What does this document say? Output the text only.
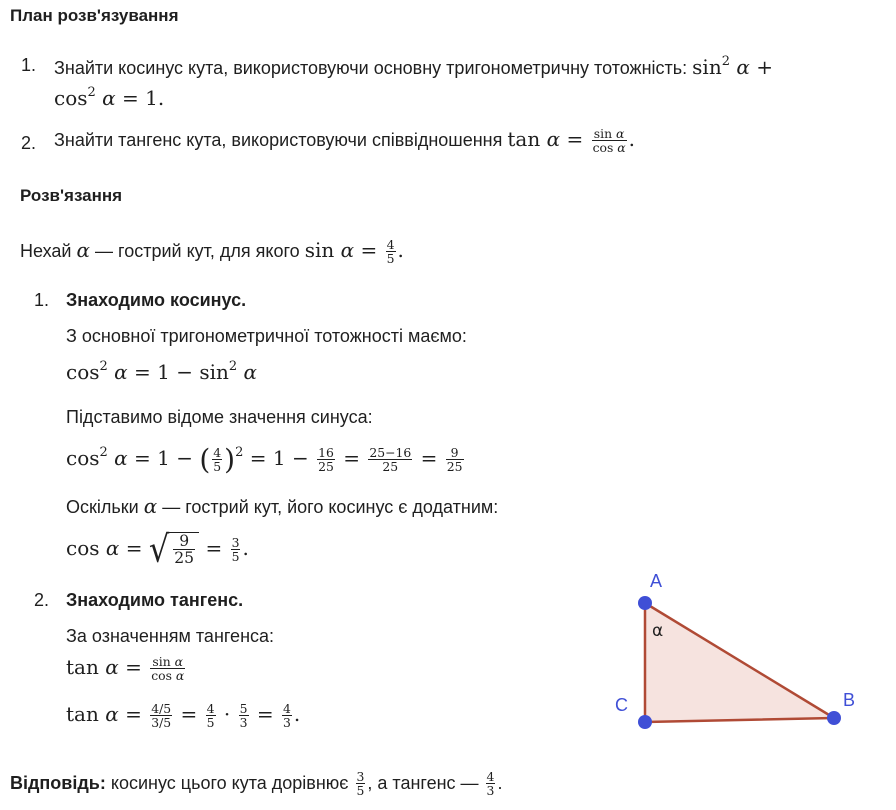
План розв'язування
1. Знайти косинус кута, використовуючи основну тригонометричну тотожність: $\sin^2 \alpha$ +
$\cos^2 \alpha = 1$.
2. Знайти тангенс кута, використовуючи співвідношення $\tan \alpha = \frac{\text{sin α}}{\text{cos α}}$ .
Розв'язання
Нехай α — гострий кут, для якого $\sin \alpha = \frac{4}{5}$ .
1. Знаходимо косинус.
З основної тригонометричної тотожності маємо:
$\cos^2 \alpha = 1 - \sin^2 \alpha$
Підставимо відоме значення синуса:
$\cos^2 \alpha = 1$ − ( $\frac{4}{5} )^2 = 1 - \frac{16}{25} = \frac{25-16}{25} = \frac{9}{25}$
Оскільки α — гострий кут, його косинус є додатним:
cos α = √ $\frac{9}{25} = \frac{3}{5}$ .
2. Знаходимо тангенс.
За означенням тангенса:
$\tan \alpha = \frac{\text{sin α}}{\text{cos α}}$
$\tan \alpha = \frac{4/5}{3/5} = \frac{4}{5} \cdot \frac{5}{3} = \frac{4}{3}$ .
Відповідь: косинус цього кута дорівнює $\frac{3}{5}$ , а тангенс — $\frac{4}{3}$ .
A
C	B
α
